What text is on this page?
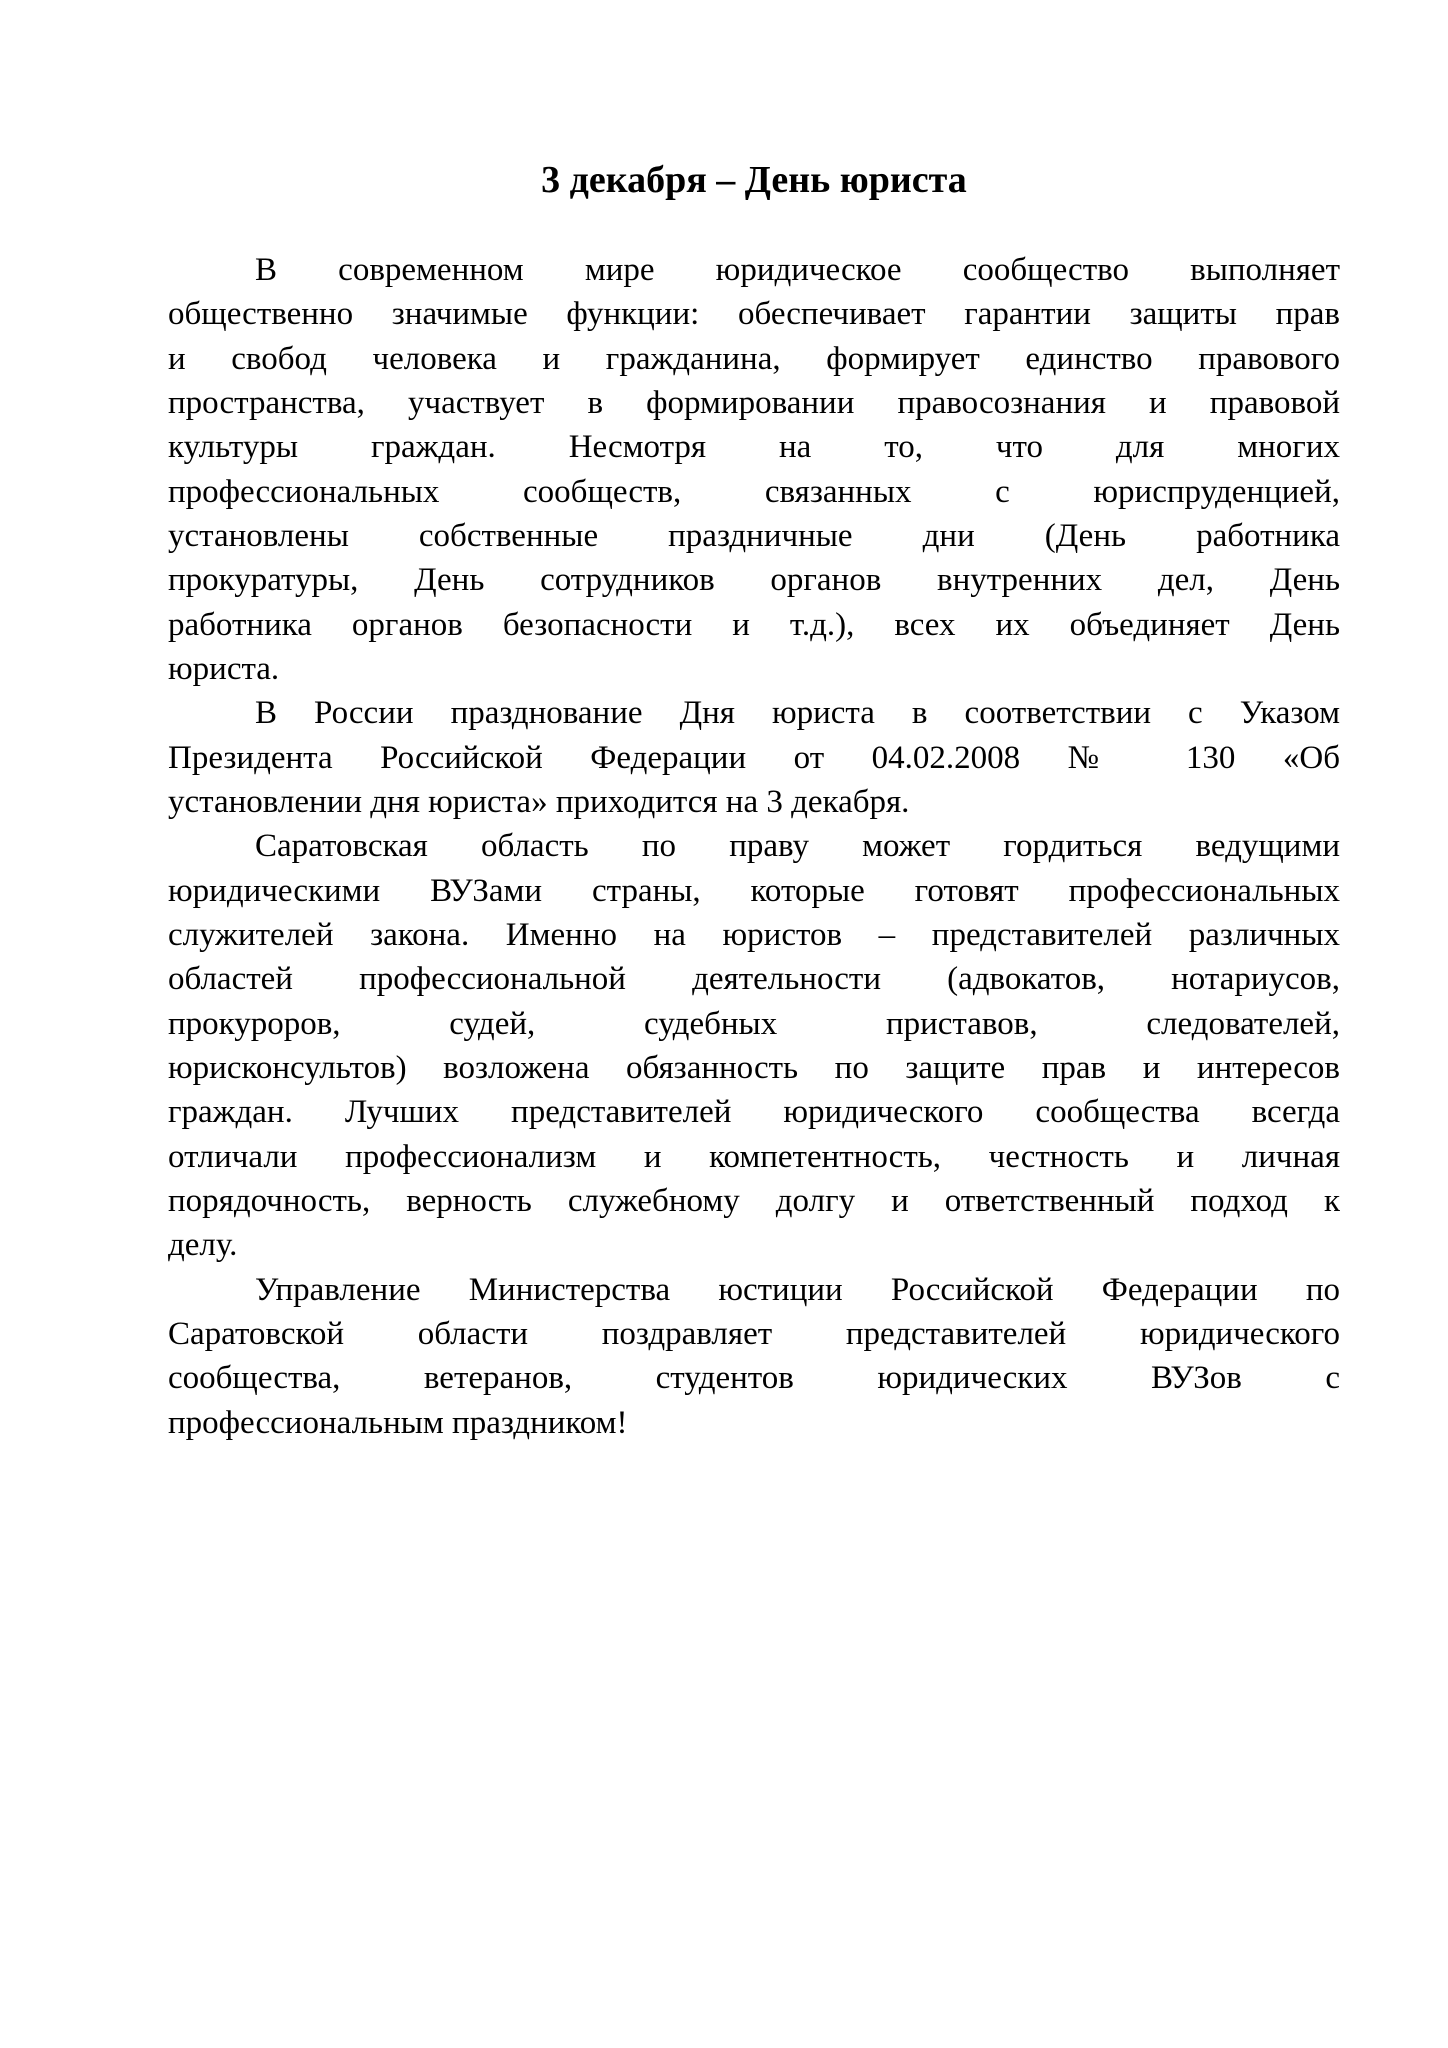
3 декабря – День юриста
В современном мире юридическое сообщество выполняет
общественно значимые функции: обеспечивает гарантии защиты прав
и свобод человека и гражданина, формирует единство правового
пространства, участвует в формировании правосознания и правовой
культуры граждан. Несмотря на то, что для многих
профессиональных сообществ, связанных с юриспруденцией,
установлены собственные праздничные дни (День работника
прокуратуры, День сотрудников органов внутренних дел, День
работника органов безопасности и т.д.), всех их объединяет День
юриста.
В России празднование Дня юриста в соответствии с Указом
Президента Российской Федерации от 04.02.2008 № 130 «Об
установлении дня юриста» приходится на 3 декабря.
Саратовская область по праву может гордиться ведущими
юридическими ВУЗами страны, которые готовят профессиональных
служителей закона. Именно на юристов – представителей различных
областей профессиональной деятельности (адвокатов, нотариусов,
прокуроров, судей, судебных приставов, следователей,
юрисконсультов) возложена обязанность по защите прав и интересов
граждан. Лучших представителей юридического сообщества всегда
отличали профессионализм и компетентность, честность и личная
порядочность, верность служебному долгу и ответственный подход к
делу.
Управление Министерства юстиции Российской Федерации по
Саратовской области поздравляет представителей юридического
сообщества, ветеранов, студентов юридических ВУЗов с
профессиональным праздником!
